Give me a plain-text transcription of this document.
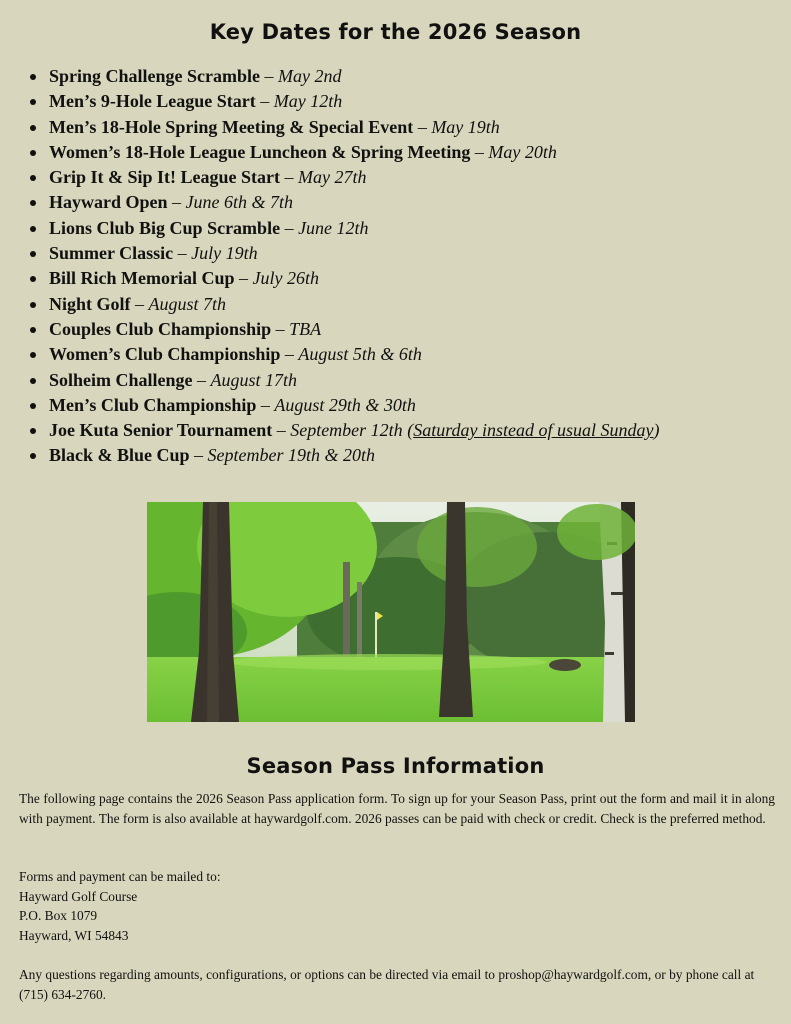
Key Dates for the 2026 Season
Spring Challenge Scramble – May 2nd
Men’s 9-Hole League Start – May 12th
Men’s 18-Hole Spring Meeting & Special Event – May 19th
Women’s 18-Hole League Luncheon & Spring Meeting – May 20th
Grip It & Sip It! League Start – May 27th
Hayward Open – June 6th & 7th
Lions Club Big Cup Scramble – June 12th
Summer Classic – July 19th
Bill Rich Memorial Cup – July 26th
Night Golf – August 7th
Couples Club Championship – TBA
Women’s Club Championship – August 5th & 6th
Solheim Challenge – August 17th
Men’s Club Championship – August 29th & 30th
Joe Kuta Senior Tournament – September 12th (Saturday instead of usual Sunday)
Black & Blue Cup – September 19th & 20th
Season Pass Information

The following page contains the 2026 Season Pass application form. To sign up for your Season Pass, print out the form and mail it in along with payment. The form is also available at haywardgolf.com. 2026 passes can be paid with check or credit. Check is the preferred method.

Forms and payment can be mailed to:
Hayward Golf Course
P.O. Box 1079
Hayward, WI 54843

Any questions regarding amounts, configurations, or options can be directed via email to proshop@haywardgolf.com, or by phone call at (715) 634-2760.
